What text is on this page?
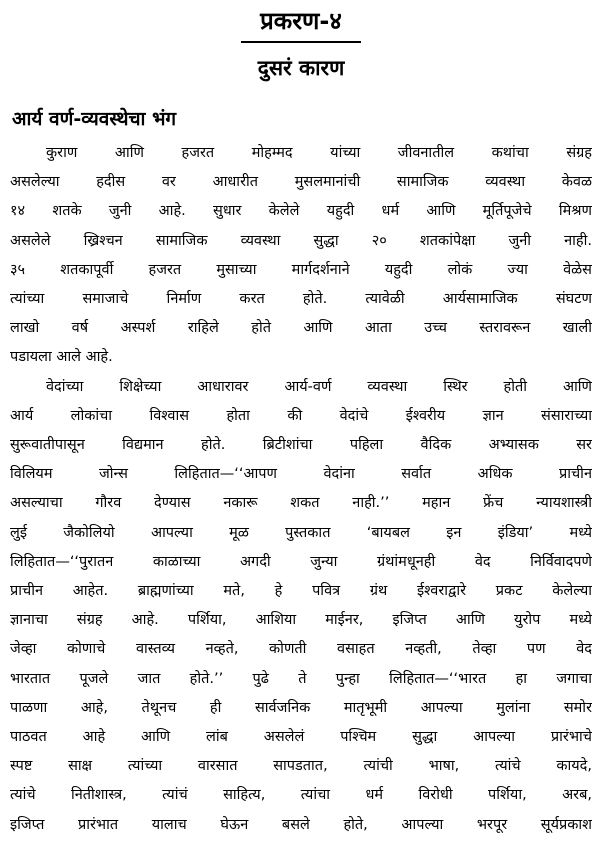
प्रकरण-४
दुसरं कारण
आर्य वर्ण-व्यवस्थेचा भंग
कुराण आणि हजरत मोहम्मद यांच्या जीवनातील कथांचा संग्रह
असलेल्या हदीस वर आधारीत मुसलमानांची सामाजिक व्यवस्था केवळ
१४ शतके जुनी आहे. सुधार केलेले यहुदी धर्म आणि मूर्तिपूजेचे मिश्रण
असलेले ख्रिश्चन सामाजिक व्यवस्था सुद्धा २० शतकांपेक्षा जुनी नाही.
३५ शतकापूर्वी हजरत मुसाच्या मार्गदर्शनाने यहुदी लोकं ज्या वेळेस
त्यांच्या समाजाचे निर्माण करत होते. त्यावेळी आर्यसामाजिक संघटण
लाखो वर्ष अस्पर्श राहिले होते आणि आता उच्च स्तरावरून खाली
पडायला आले आहे.
वेदांच्या शिक्षेच्या आधारावर आर्य-वर्ण व्यवस्था स्थिर होती आणि
आर्य लोकांचा विश्वास होता की वेदांचे ईश्वरीय ज्ञान संसाराच्या
सुरूवातीपासून विद्यमान होते. ब्रिटीशांचा पहिला वैदिक अभ्यासक सर
विलियम जोन्स लिहितात—‘‘आपण वेदांना सर्वात अधिक प्राचीन
असल्याचा गौरव देण्यास नकारू शकत नाही.’’ महान फ्रेंच न्यायशास्त्री
लुई जैकोलियो आपल्या मूळ पुस्तकात ‘बायबल इन इंडिया’ मध्ये
लिहितात—‘‘पुरातन काळाच्या अगदी जुन्या ग्रंथांमधूनही वेद निर्विवादपणे
प्राचीन आहेत. ब्राह्मणांच्या मते, हे पवित्र ग्रंथ ईश्वराद्वारे प्रकट केलेल्या
ज्ञानाचा संग्रह आहे. पर्शिया, आशिया माईनर, इजिप्त आणि युरोप मध्ये
जेव्हा कोणाचे वास्तव्य नव्हते, कोणती वसाहत नव्हती, तेव्हा पण वेद
भारतात पूजले जात होते.’’ पुढे ते पुन्हा लिहितात—‘‘भारत हा जगाचा
पाळणा आहे, तेथूनच ही सार्वजनिक मातृभूमी आपल्या मुलांना समोर
पाठवत आहे आणि लांब असलेलं पश्चिम सुद्धा आपल्या प्रारंभाचे
स्पष्ट साक्ष त्यांच्या वारसात सापडतात, त्यांची भाषा, त्यांचे कायदे,
त्यांचे नितीशास्त्र, त्यांचं साहित्य, त्यांचा धर्म विरोधी पर्शिया, अरब,
इजिप्त प्रारंभात यालाच घेऊन बसले होते, आपल्या भरपूर सूर्यप्रकाश
